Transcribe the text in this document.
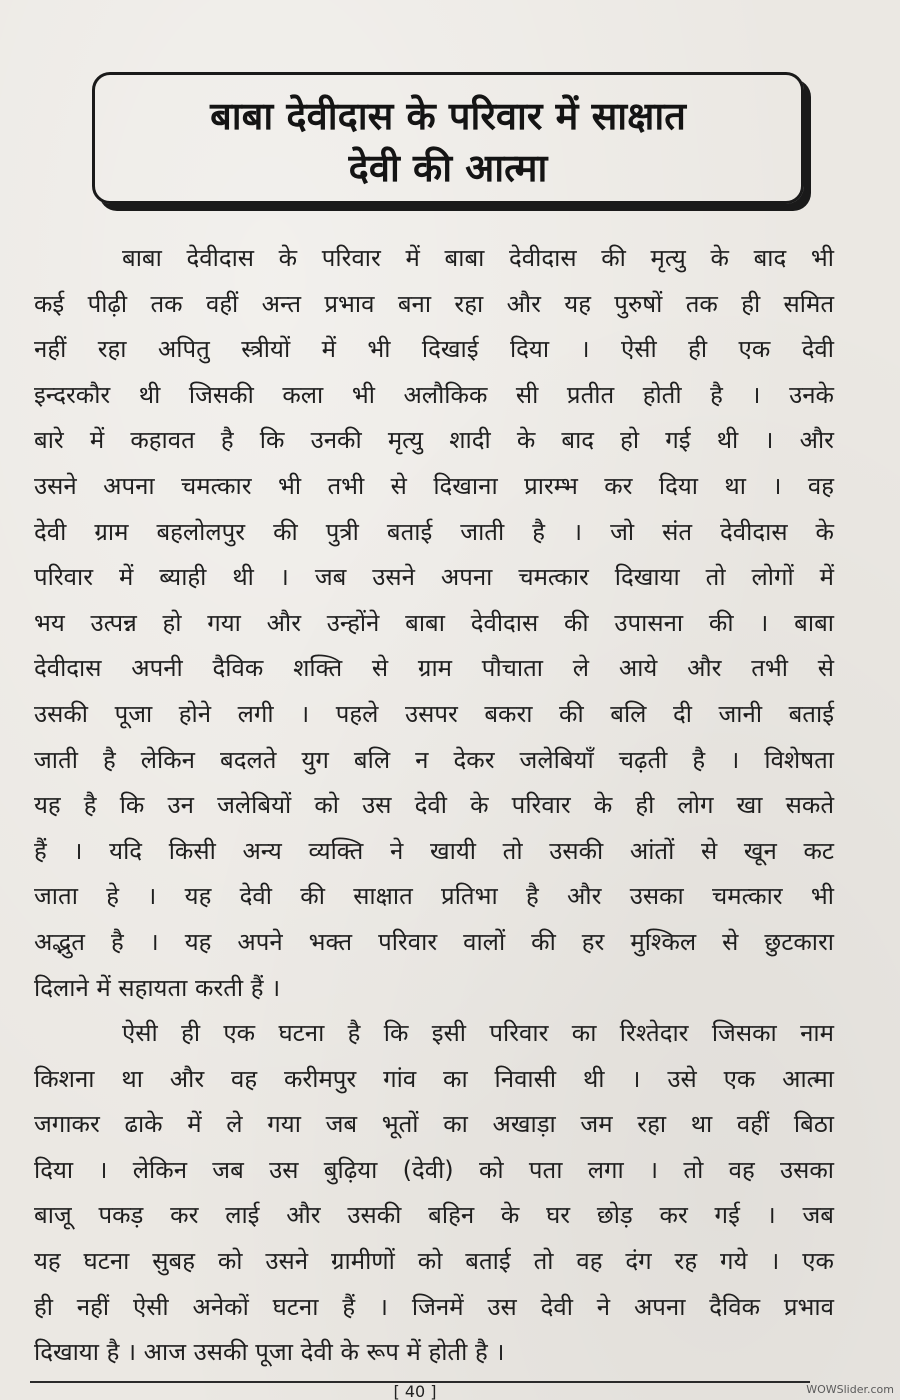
बाबा देवीदास के परिवार में साक्षात
देवी की आत्मा
बाबा देवीदास के परिवार में बाबा देवीदास की मृत्यु के बाद भी
कई पीढ़ी तक वहीं अन्त प्रभाव बना रहा और यह पुरुषों तक ही समित
नहीं रहा अपितु स्त्रीयों में भी दिखाई दिया । ऐसी ही एक देवी
इन्दरकौर थी जिसकी कला भी अलौकिक सी प्रतीत होती है । उनके
बारे में कहावत है कि उनकी मृत्यु शादी के बाद हो गई थी । और
उसने अपना चमत्कार भी तभी से दिखाना प्रारम्भ कर दिया था । वह
देवी ग्राम बहलोलपुर की पुत्री बताई जाती है । जो संत देवीदास के
परिवार में ब्याही थी । जब उसने अपना चमत्कार दिखाया तो लोगों में
भय उत्पन्न हो गया और उन्होंने बाबा देवीदास की उपासना की । बाबा
देवीदास अपनी दैविक शक्ति से ग्राम पौचाता ले आये और तभी से
उसकी पूजा होने लगी । पहले उसपर बकरा की बलि दी जानी बताई
जाती है लेकिन बदलते युग बलि न देकर जलेबियाँ चढ़ती है । विशेषता
यह है कि उन जलेबियों को उस देवी के परिवार के ही लोग खा सकते
हैं । यदि किसी अन्य व्यक्ति ने खायी तो उसकी आंतों से खून कट
जाता हे । यह देवी की साक्षात प्रतिभा है और उसका चमत्कार भी
अद्भुत है । यह अपने भक्त परिवार वालों की हर मुश्किल से छुटकारा
दिलाने में सहायता करती हैं ।
ऐसी ही एक घटना है कि इसी परिवार का रिश्तेदार जिसका नाम
किशना था और वह करीमपुर गांव का निवासी थी । उसे एक आत्मा
जगाकर ढाके में ले गया जब भूतों का अखाड़ा जम रहा था वहीं बिठा
दिया । लेकिन जब उस बुढ़िया (देवी) को पता लगा । तो वह उसका
बाजू पकड़ कर लाई और उसकी बहिन के घर छोड़ कर गई । जब
यह घटना सुबह को उसने ग्रामीणों को बताई तो वह दंग रह गये । एक
ही नहीं ऐसी अनेकों घटना हैं । जिनमें उस देवी ने अपना दैविक प्रभाव
दिखाया है । आज उसकी पूजा देवी के रूप में होती है ।
[ 40 ]	WOWSlider.com
